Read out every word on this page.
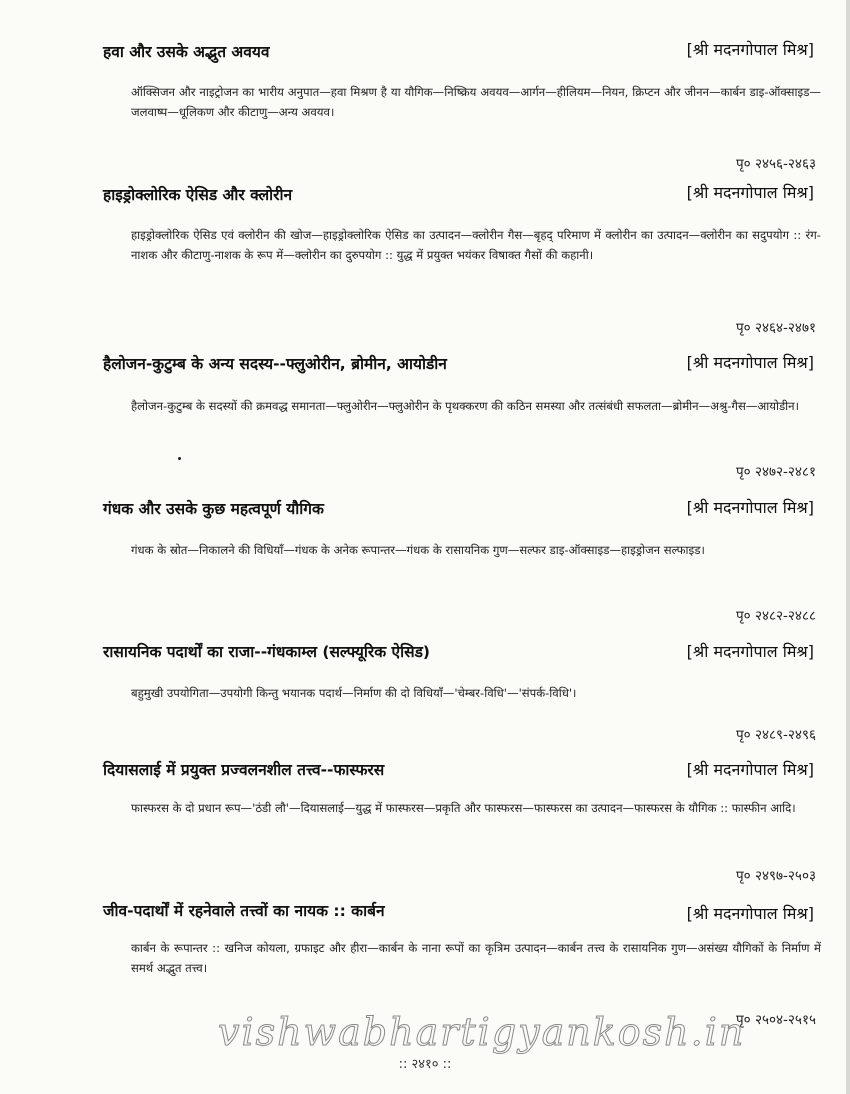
हवा और उसके अद्भुत अवयव	[श्री मदनगोपाल मिश्र]
ऑक्सिजन और नाइट्रोजन का भारीय अनुपात—हवा मिश्रण है या यौगिक—निष्क्रिय अवयव—आर्गन—हीलियम—नियन, क्रिप्टन और जीनन—कार्बन डाइ-ऑक्साइड—जलवाष्प—धूलिकण और कीटाणु—अन्य अवयव।
पृ० २४५६-२४६३
हाइड्रोक्लोरिक ऐसिड और क्लोरीन	[श्री मदनगोपाल मिश्र]
हाइड्रोक्लोरिक ऐसिड एवं क्लोरीन की खोज—हाइड्रोक्लोरिक ऐसिड का उत्पादन—क्लोरीन गैस—बृहद् परिमाण में क्लोरीन का उत्पादन—क्लोरीन का सदुपयोग :: रंग-नाशक और कीटाणु-नाशक के रूप में—क्लोरीन का दुरुपयोग :: युद्ध में प्रयुक्त भयंकर विषाक्त गैसों की कहानी।
पृ० २४६४-२४७१
हैलोजन-कुटुम्ब के अन्य सदस्य--फ्लुओरीन, ब्रोमीन, आयोडीन	[श्री मदनगोपाल मिश्र]
हैलोजन-कुटुम्ब के सदस्यों की क्रमवद्ध समानता—फ्लुओरीन—फ्लुओरीन के पृथक्करण की कठिन समस्या और तत्संबंधी सफलता—ब्रोमीन—अश्रु-गैस—आयोडीन।
पृ० २४७२-२४८१
गंधक और उसके कुछ महत्वपूर्ण यौगिक	[श्री मदनगोपाल मिश्र]
गंधक के स्रोत—निकालने की विधियाँ—गंधक के अनेक रूपान्तर—गंधक के रासायनिक गुण—सल्फर डाइ-ऑक्साइड—हाइड्रोजन सल्फाइड।
पृ० २४८२-२४८८
रासायनिक पदार्थों का राजा--गंधकाम्ल (सल्फ्यूरिक ऐसिड)	[श्री मदनगोपाल मिश्र]
बहुमुखी उपयोगिता—उपयोगी किन्तु भयानक पदार्थ—निर्माण की दो विधियाँ—'चेम्बर-विधि'—'संपर्क-विधि'।
पृ० २४८९-२४९६
दियासलाई में प्रयुक्त प्रज्वलनशील तत्त्व--फास्फरस	[श्री मदनगोपाल मिश्र]
फास्फरस के दो प्रधान रूप—'ठंडी लौ'—दियासलाई—युद्ध में फास्फरस—प्रकृति और फास्फरस—फास्फरस का उत्पादन—फास्फरस के यौगिक :: फास्फीन आदि।
पृ० २४९७-२५०३
जीव-पदार्थों में रहनेवाले तत्त्वों का नायक :: कार्बन	[श्री मदनगोपाल मिश्र]
कार्बन के रूपान्तर :: खनिज कोयला, ग्रफाइट और हीरा—कार्बन के नाना रूपों का कृत्रिम उत्पादन—कार्बन तत्त्व के रासायनिक गुण—असंख्य यौगिकों के निर्माण में समर्थ अद्भुत तत्त्व।
पृ० २५०४-२५१५
vishwabhartigyankosh.in
:: २४१० ::
